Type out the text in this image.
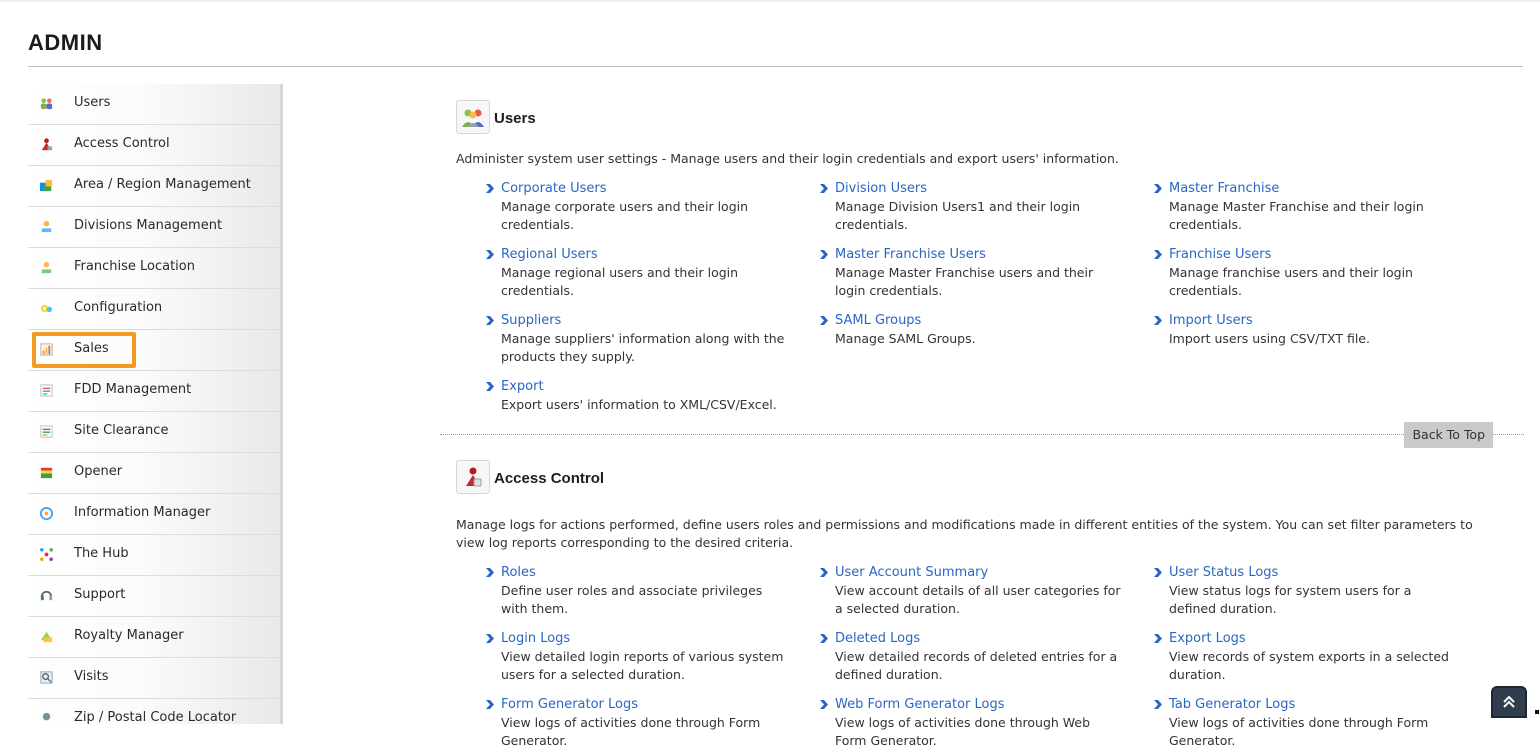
ADMIN
Users
Access Control
Area / Region Management
Divisions Management
Franchise Location
Configuration
Sales
FDD Management
Site Clearance
Opener
Information Manager
The Hub
Support
Royalty Manager
Visits
Zip / Postal Code Locator
Users

Administer system user settings - Manage users and their login credentials and export users' information.

Corporate Users
Manage corporate users and their login credentials.
Division Users
Manage Division Users1 and their login credentials.
Master Franchise
Manage Master Franchise and their login credentials.
Regional Users
Manage regional users and their login credentials.
Master Franchise Users
Manage Master Franchise users and their login credentials.
Franchise Users
Manage franchise users and their login credentials.
Suppliers
Manage suppliers' information along with the products they supply.
SAML Groups
Manage SAML Groups.
Import Users
Import users using CSV/TXT file.
Export
Export users' information to XML/CSV/Excel.
Back To Top
Access Control

Manage logs for actions performed, define users roles and permissions and modifications made in different entities of the system. You can set filter parameters to view log reports corresponding to the desired criteria.

Roles
Define user roles and associate privileges with them.
User Account Summary
View account details of all user categories for a selected duration.
User Status Logs
View status logs for system users for a defined duration.
Login Logs
View detailed login reports of various system users for a selected duration.
Deleted Logs
View detailed records of deleted entries for a defined duration.
Export Logs
View records of system exports in a selected duration.
Form Generator Logs
View logs of activities done through Form Generator.
Web Form Generator Logs
View logs of activities done through Web Form Generator.
Tab Generator Logs
View logs of activities done through Form Generator.
